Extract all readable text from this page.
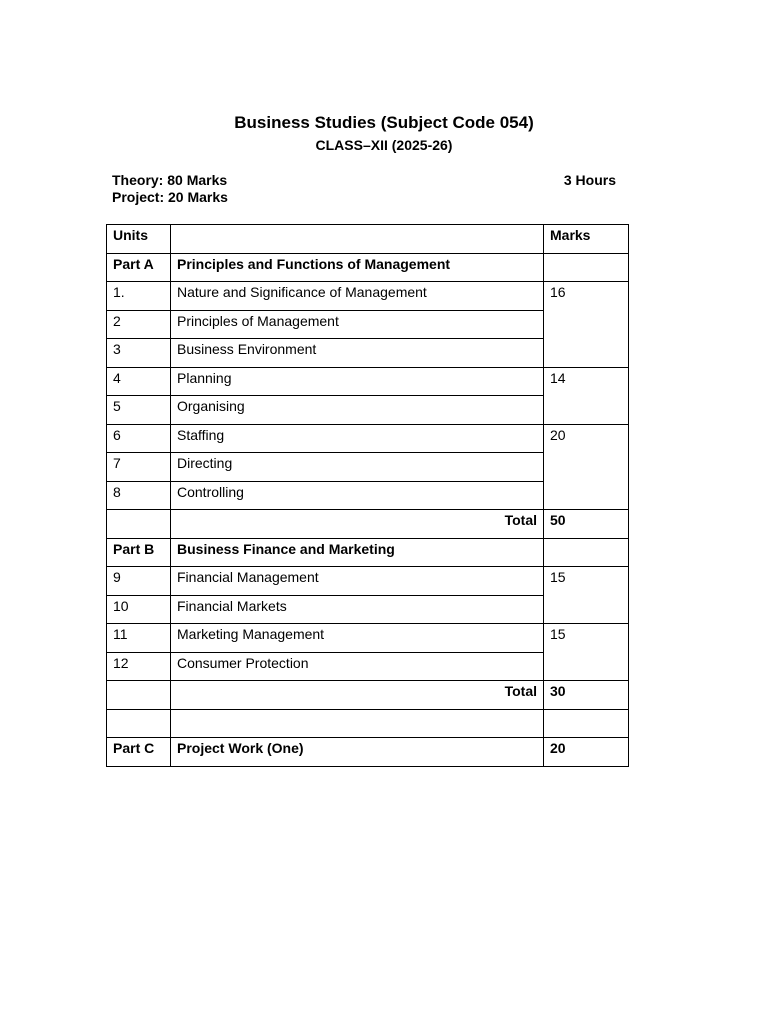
Business Studies (Subject Code 054)
CLASS–XII (2025-26)
Theory: 80 Marks
Project: 20 Marks
3 Hours
Units		Marks
Part A	Principles and Functions of Management	
1.	Nature and Significance of Management	16
2	Principles of Management	
3	Business Environment	
4	Planning	14
5	Organising	
6	Staffing	20
7	Directing	
8	Controlling	
	Total	50
Part B	Business Finance and Marketing	
9	Financial Management	15
10	Financial Markets	
11	Marketing Management	15
12	Consumer Protection	
	Total	30

Part C	Project Work (One)	20
